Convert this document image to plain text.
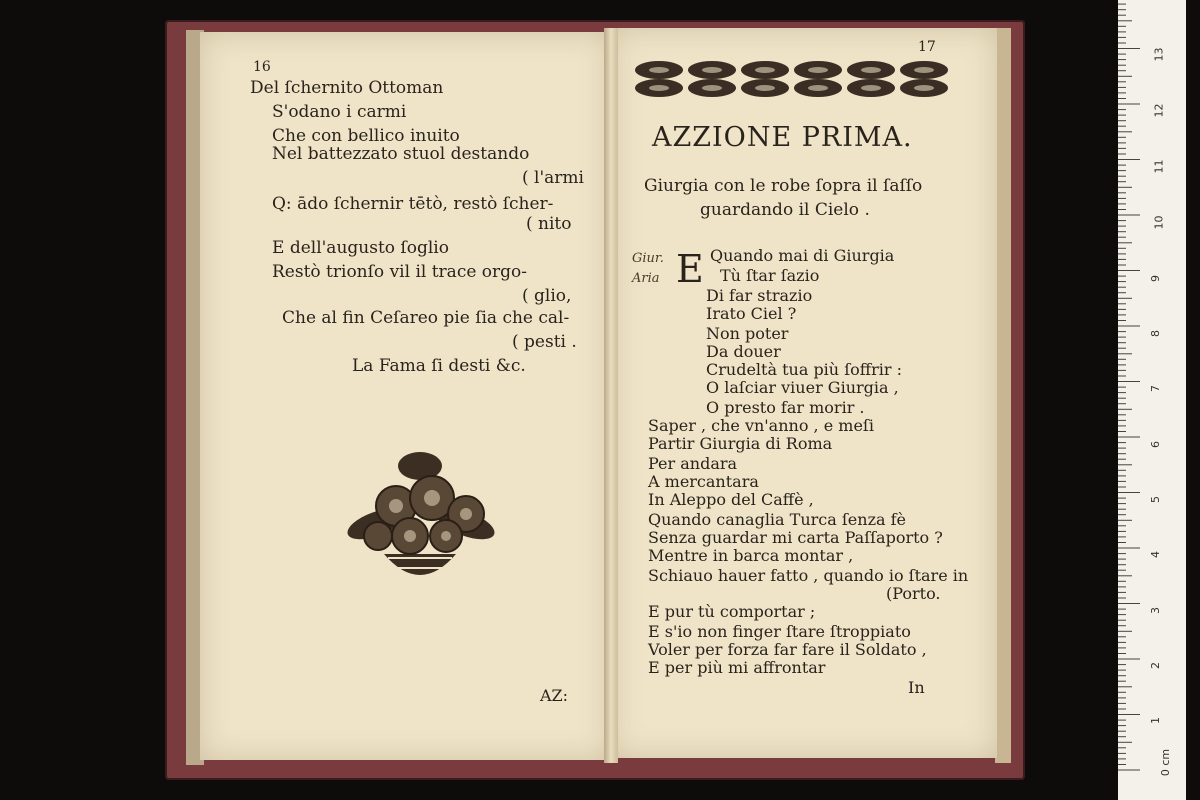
16
Del ſchernito Ottoman
S'odano i carmi
Che con bellico inuito
Nel battezzato stuol destando
( l'armi
Q: ādo ſchernir tētò, restò ſcher-
( nito
E dell'augusto ſoglio
Restò trionſo vil il trace orgo-
( glio,
Che al fin Ceſareo pie ſia che cal-
( pesti .
La Fama ſi desti &c.
AZ:
17
AZZIONE PRIMA.
Giurgia con le robe ſopra il ſaſſo
guardando il Cielo .
Giur.
Aria E Quando mai di Giurgia
Tù ſtar ſazio
Di far strazio
Irato Ciel ?
Non poter
Da douer
Crudeltà tua più ſoffrir :
O laſciar viuer Giurgia ,
O presto far morir .
Saper , che vn'anno , e meſi
Partir Giurgia di Roma
Per andara
A mercantara
In Aleppo del Caffè ,
Quando canaglia Turca ſenza fè
Senza guardar mi carta Paſſaporto ?
Mentre in barca montar ,
Schiauo hauer fatto , quando io ſtare in
(Porto.
E pur tù comportar ;
E s'io non finger ſtare ſtroppiato
Voler per forza far fare il Soldato ,
E per più mi affrontar
In
0 cm
1
2
3
4
5
6
7
8
9
10
11
12
13
